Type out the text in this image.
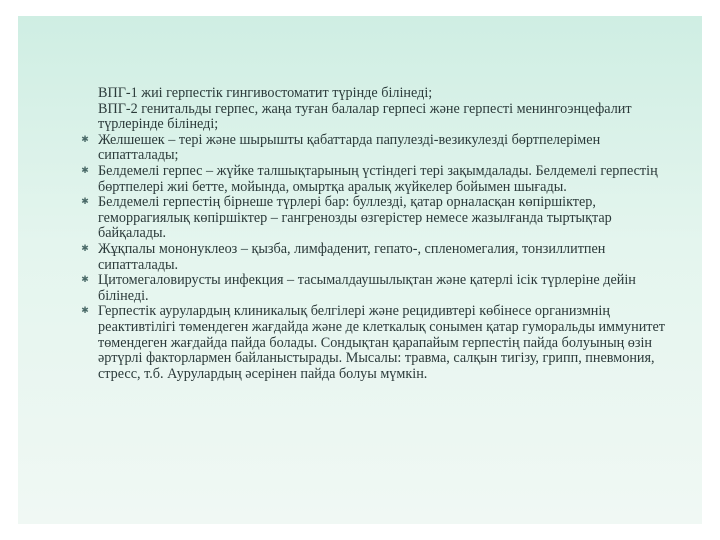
ВПГ-1 жиі герпестік гингивостоматит түрінде білінеді;

ВПГ-2 генитальды герпес, жаңа туған балалар герпесі және герпесті менингоэнцефалит түрлерінде білінеді;

✱ Желшешек – тері және шырышты қабаттарда папулезді-везикулезді бөртпелерімен сипатталады;

✱ Белдемелі герпес – жүйке талшықтарының үстіндегі тері зақымдалады. Белдемелі герпестің бөртпелері жиі бетте, мойында, омыртқа аралық жүйкелер бойымен шығады.

✱ Белдемелі герпестің бірнеше түрлері бар: буллезді, қатар орналасқан көпіршіктер, геморрагиялық көпіршіктер – гангренозды өзгерістер немесе жазылғанда тыртықтар байқалады.

✱ Жұқпалы мононуклеоз – қызба, лимфаденит, гепато-, спленомегалия, тонзиллитпен сипатталады.

✱ Цитомегаловирусты инфекция – тасымалдаушылықтан және қатерлі ісік түрлеріне дейін білінеді.

✱ Герпестік аурулардың клиникалық белгілері және рецидивтері көбінесе организмнің реактивтілігі төмендеген жағдайда және де клеткалық сонымен қатар гуморальды иммунитет төмендеген жағдайда пайда болады. Сондықтан қарапайым герпестің пайда болуының өзін әртүрлі факторлармен байланыстырады. Мысалы: травма, салқын тигізу, грипп, пневмония, стресс, т.б. Аурулардың әсерінен пайда болуы мүмкін.
